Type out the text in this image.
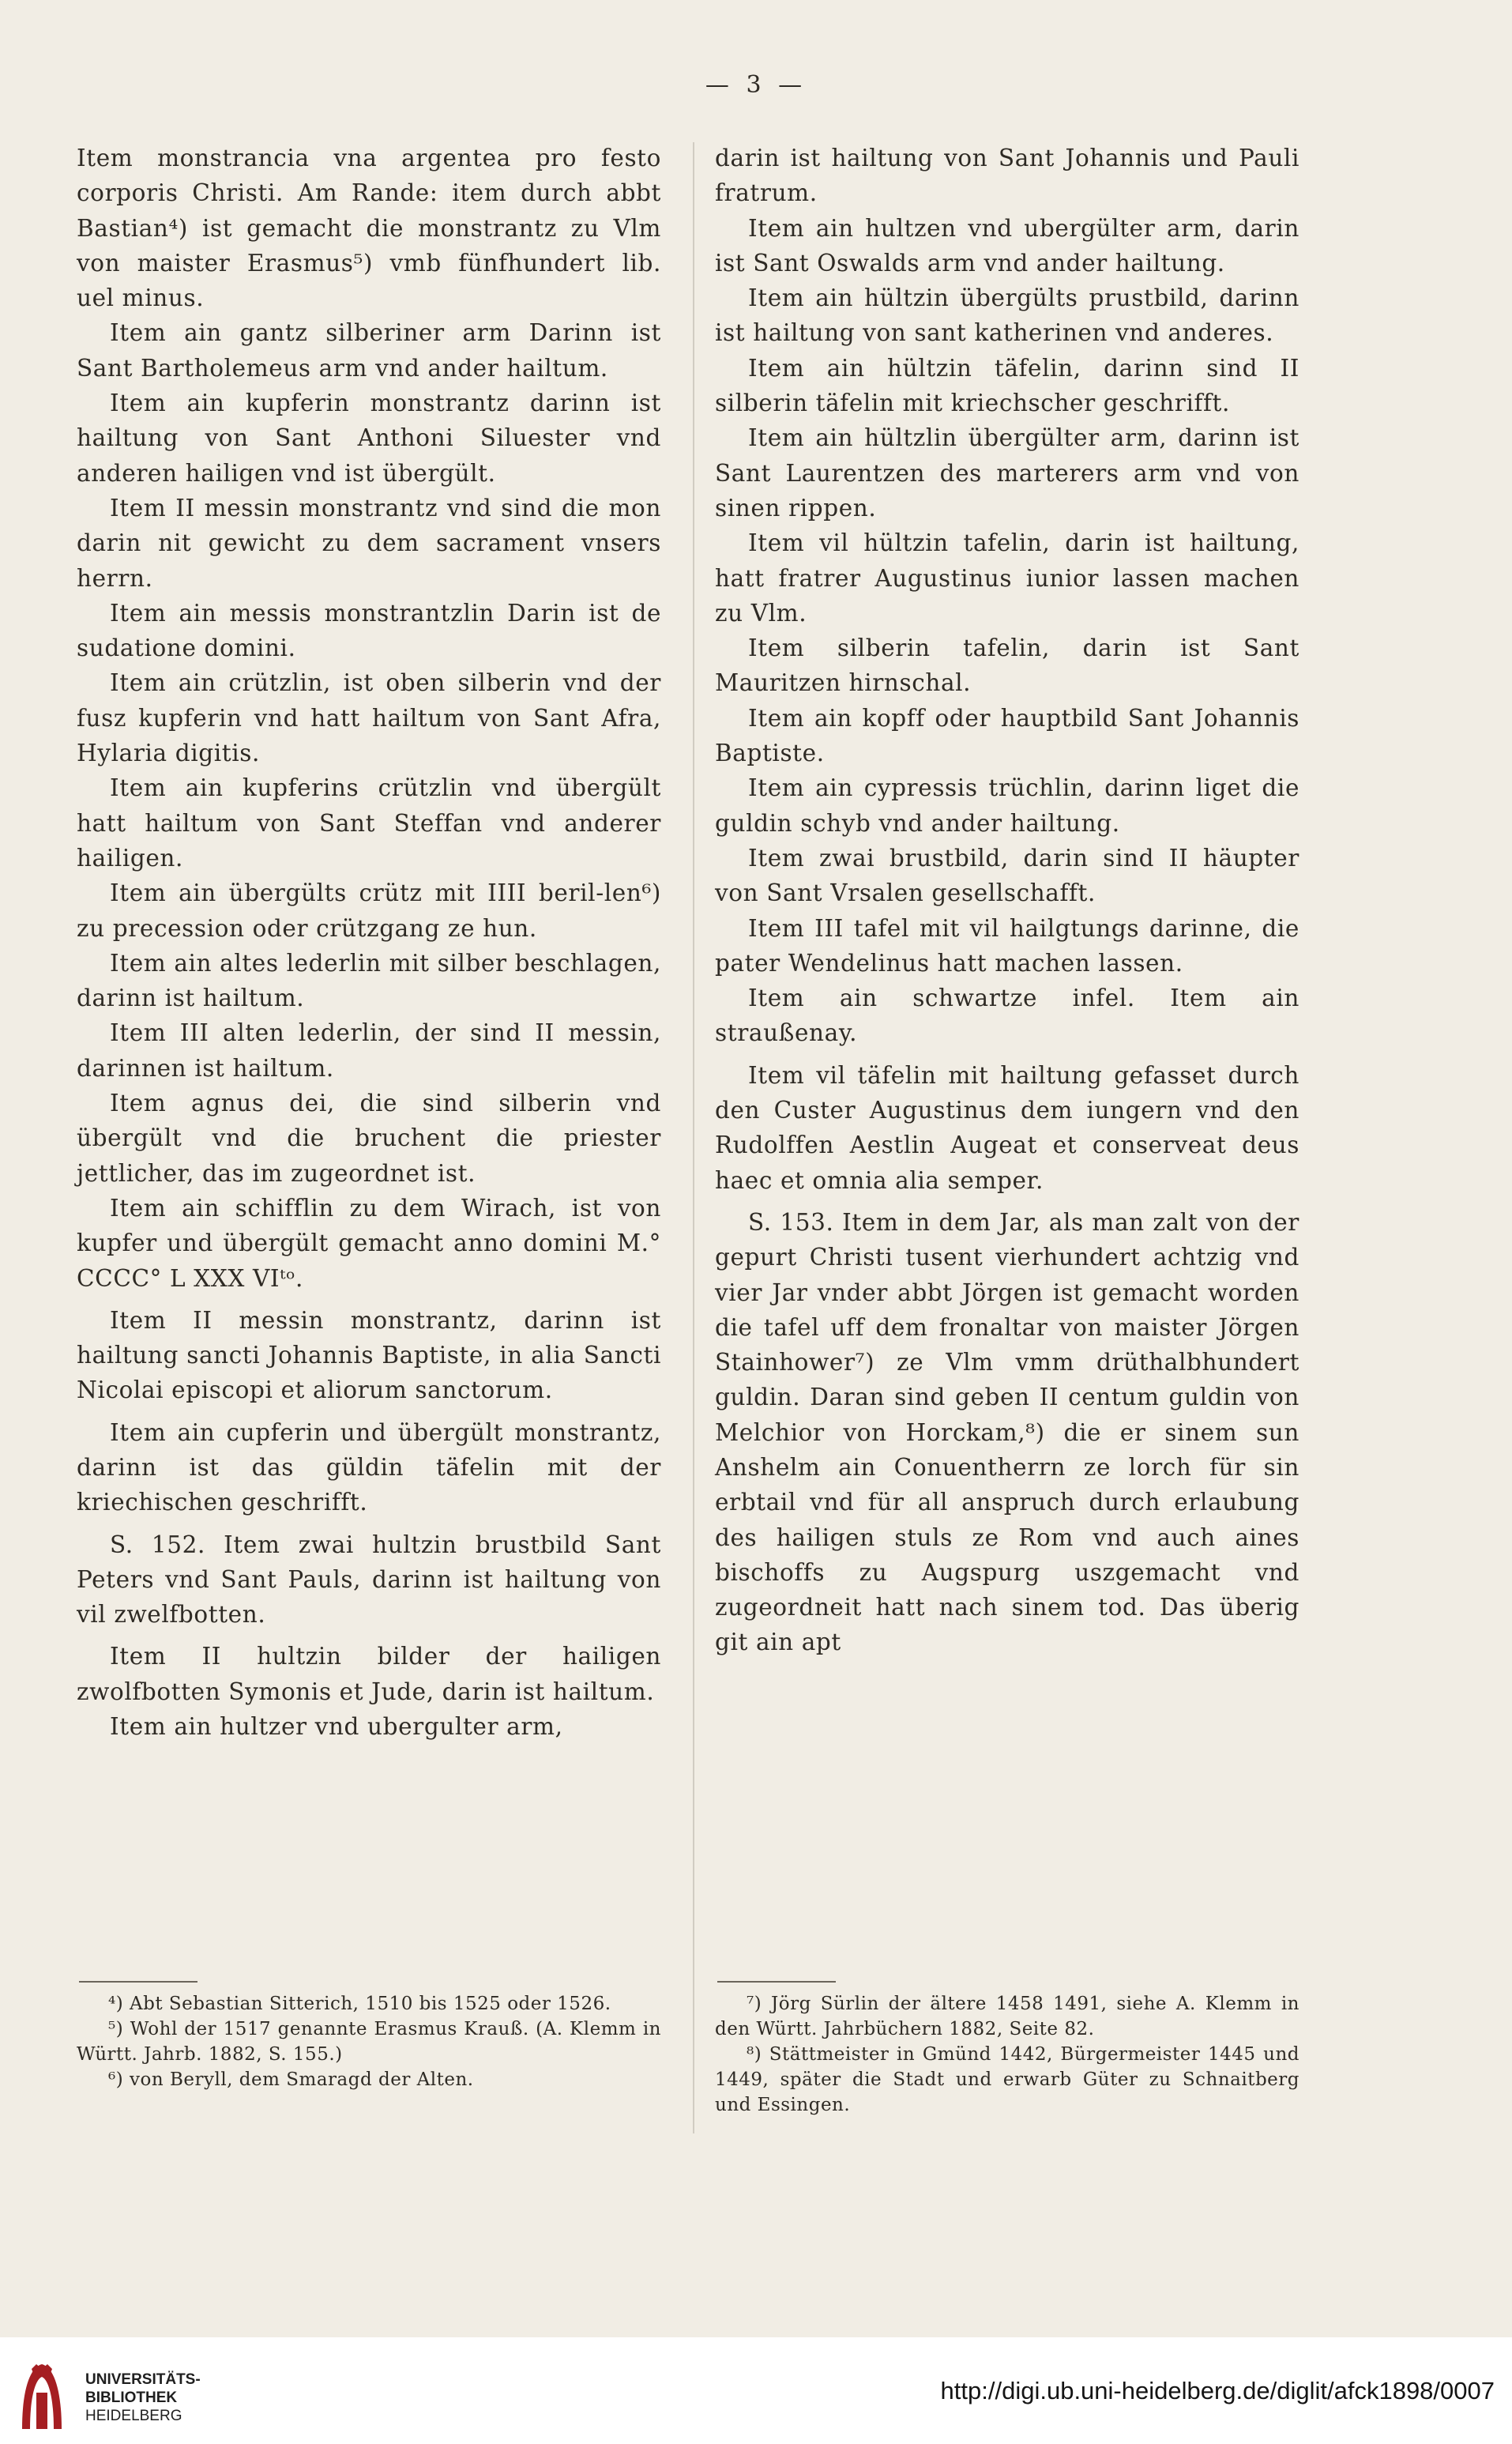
— 3 —

Item monstrancia vna argentea pro festo corporis Christi. Am Rande: item durch abbt Bastian⁴) ist gemacht die monstrantz zu Vlm von maister Erasmus⁵) vmb fünfhundert lib. uel minus.

Item ain gantz silberiner arm Darinn ist Sant Bartholemeus arm vnd ander hailtum.

Item ain kupferin monstrantz darinn ist hailtung von Sant Anthoni Siluester vnd anderen hailigen vnd ist übergült.

Item II messin monstrantz vnd sind die mon darin nit gewicht zu dem sacrament vnsers herrn.

Item ain messis monstrantzlin Darin ist de sudatione domini.

Item ain crützlin, ist oben silberin vnd der fusz kupferin vnd hatt hailtum von Sant Afra, Hylaria digitis.

Item ain kupferins crützlin vnd übergült hatt hailtum von Sant Steffan vnd anderer hailigen.

Item ain übergülts crütz mit IIII beril-len⁶) zu precession oder crützgang ze hun.

Item ain altes lederlin mit silber beschlagen, darinn ist hailtum.

Item III alten lederlin, der sind II messin, darinnen ist hailtum.

Item agnus dei, die sind silberin vnd übergült vnd die bruchent die priester jettlicher, das im zugeordnet ist.

Item ain schifflin zu dem Wirach, ist von kupfer und übergült gemacht anno domini M.° CCCC° L XXX VIᵗᵒ.

Item II messin monstrantz, darinn ist hailtung sancti Johannis Baptiste, in alia Sancti Nicolai episcopi et aliorum sanctorum.

Item ain cupferin und übergült monstrantz, darinn ist das güldin täfelin mit der kriechischen geschrifft.

S. 152. Item zwai hultzin brustbild Sant Peters vnd Sant Pauls, darinn ist hailtung von vil zwelfbotten.

Item II hultzin bilder der hailigen zwolfbotten Symonis et Jude, darin ist hailtum.

Item ain hultzer vnd ubergulter arm,

darin ist hailtung von Sant Johannis und Pauli fratrum.

Item ain hultzen vnd ubergülter arm, darin ist Sant Oswalds arm vnd ander hailtung.

Item ain hültzin übergülts prustbild, darinn ist hailtung von sant katherinen vnd anderes.

Item ain hültzin täfelin, darinn sind II silberin täfelin mit kriechscher geschrifft.

Item ain hültzlin übergülter arm, darinn ist Sant Laurentzen des marterers arm vnd von sinen rippen.

Item vil hültzin tafelin, darin ist hailtung, hatt fratrer Augustinus iunior lassen machen zu Vlm.

Item silberin tafelin, darin ist Sant Mauritzen hirnschal.

Item ain kopff oder hauptbild Sant Johannis Baptiste.

Item ain cypressis trüchlin, darinn liget die guldin schyb vnd ander hailtung.

Item zwai brustbild, darin sind II häupter von Sant Vrsalen gesellschafft.

Item III tafel mit vil hailgtungs darinne, die pater Wendelinus hatt machen lassen.

Item ain schwartze infel. Item ain straußenay.

Item vil täfelin mit hailtung gefasset durch den Custer Augustinus dem iungern vnd den Rudolffen Aestlin Augeat et conserveat deus haec et omnia alia semper.

S. 153. Item in dem Jar, als man zalt von der gepurt Christi tusent vierhundert achtzig vnd vier Jar vnder abbt Jörgen ist gemacht worden die tafel uff dem fronaltar von maister Jörgen Stainhower⁷) ze Vlm vmm drüthalbhundert guldin. Daran sind geben II centum guldin von Melchior von Horckam,⁸) die er sinem sun Anshelm ain Conuentherrn ze lorch für sin erbtail vnd für all anspruch durch erlaubung des hailigen stuls ze Rom vnd auch aines bischoffs zu Augspurg uszgemacht vnd zugeordneit hatt nach sinem tod. Das überig git ain apt

⁴) Abt Sebastian Sitterich, 1510 bis 1525 oder 1526.

⁵) Wohl der 1517 genannte Erasmus Krauß. (A. Klemm in Württ. Jahrb. 1882, S. 155.)

⁶) von Beryll, dem Smaragd der Alten.

⁷) Jörg Sürlin der ältere 1458 1491, siehe A. Klemm in den Württ. Jahrbüchern 1882, Seite 82.

⁸) Stättmeister in Gmünd 1442, Bürgermeister 1445 und 1449, später die Stadt und erwarb Güter zu Schnaitberg und Essingen.

UNIVERSITÄTS-
BIBLIOTHEK
HEIDELBERG
http://digi.ub.uni-heidelberg.de/diglit/afck1898/0007
